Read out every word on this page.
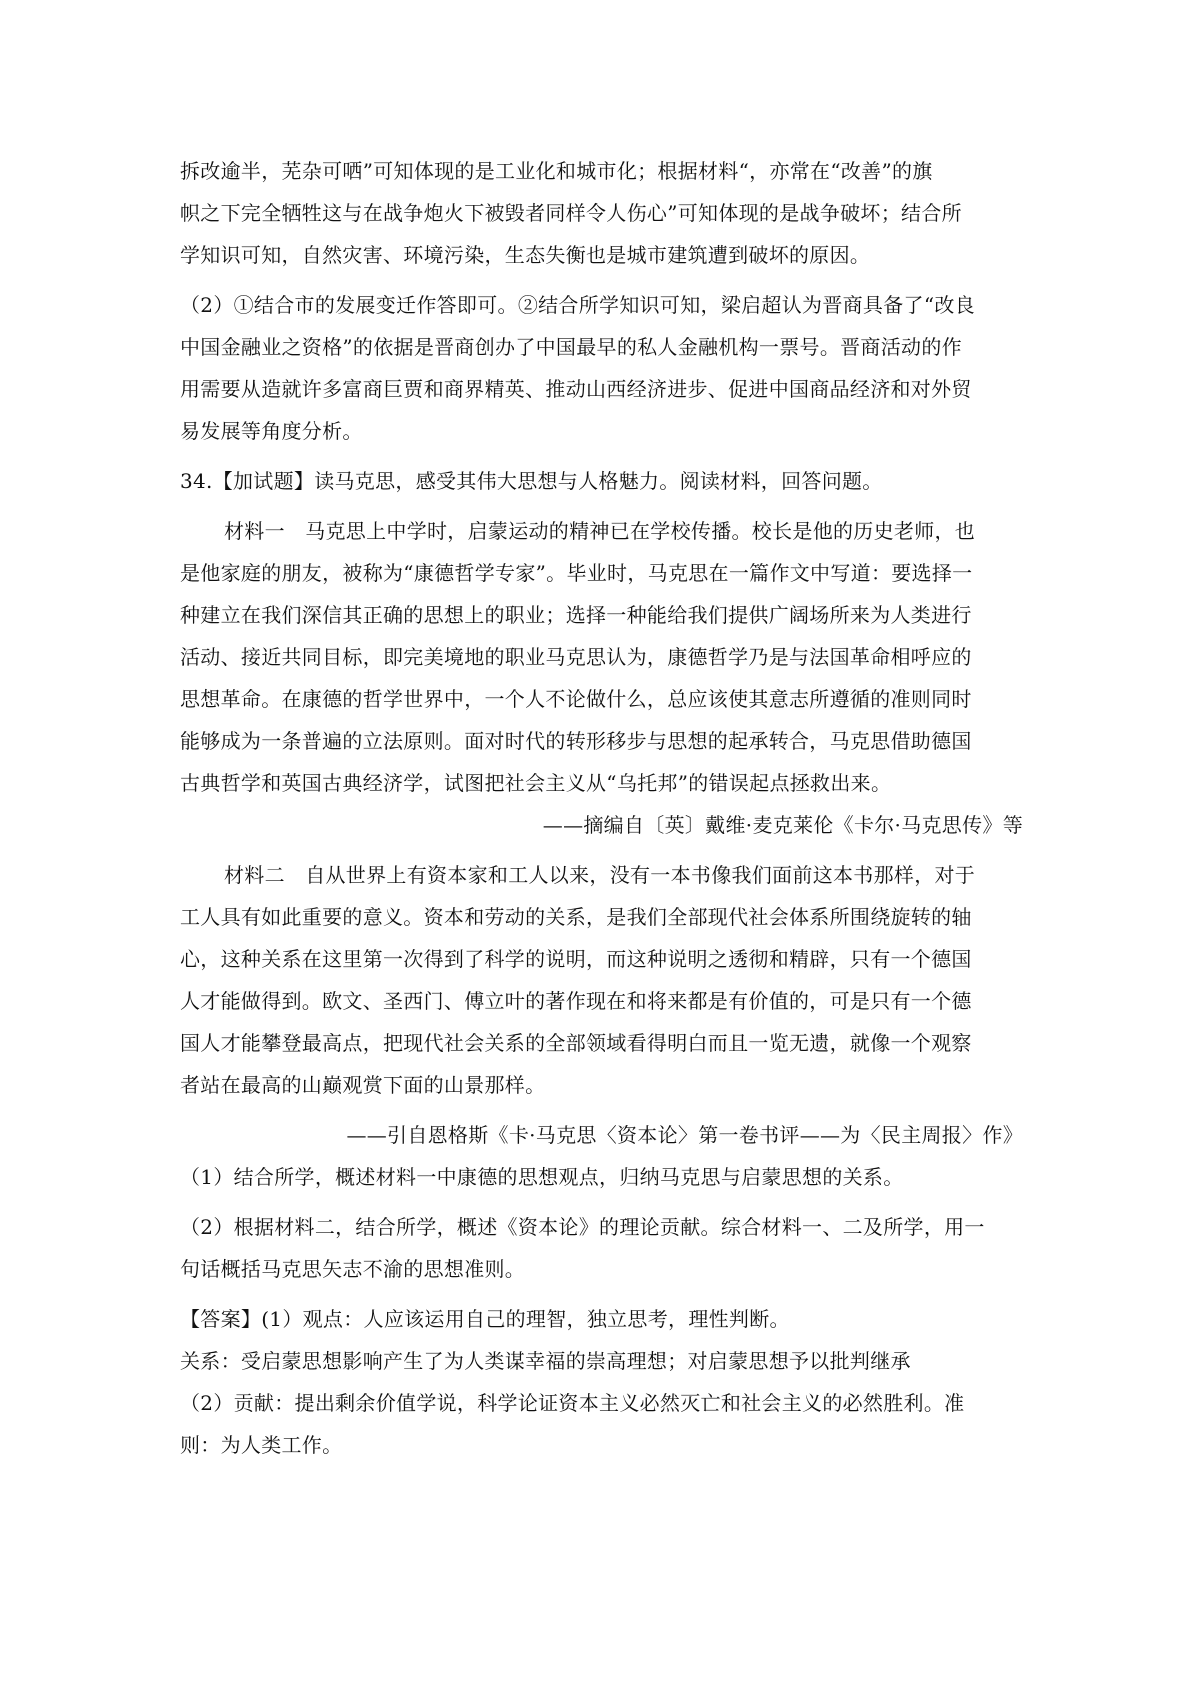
拆改逾半，芜杂可哂”可知体现的是工业化和城市化；根据材料“，亦常在“改善”的旗
帜之下完全牺牲这与在战争炮火下被毁者同样令人伤心”可知体现的是战争破坏；结合所
学知识可知，自然灾害、环境污染，生态失衡也是城市建筑遭到破坏的原因。
（2）①结合市的发展变迁作答即可。②结合所学知识可知，梁启超认为晋商具备了“改良
中国金融业之资格”的依据是晋商创办了中国最早的私人金融机构一票号。晋商活动的作
用需要从造就许多富商巨贾和商界精英、推动山西经济进步、促进中国商品经济和对外贸
易发展等角度分析。
34.【加试题】读马克思，感受其伟大思想与人格魅力。阅读材料，回答问题。
材料一　马克思上中学时，启蒙运动的精神已在学校传播。校长是他的历史老师，也
是他家庭的朋友，被称为“康德哲学专家”。毕业时，马克思在一篇作文中写道：要选择一
种建立在我们深信其正确的思想上的职业；选择一种能给我们提供广阔场所来为人类进行
活动、接近共同目标，即完美境地的职业马克思认为，康德哲学乃是与法国革命相呼应的
思想革命。在康德的哲学世界中，一个人不论做什么，总应该使其意志所遵循的准则同时
能够成为一条普遍的立法原则。面对时代的转形移步与思想的起承转合，马克思借助德国
古典哲学和英国古典经济学，试图把社会主义从“乌托邦”的错误起点拯救出来。
——摘编自〔英〕戴维·麦克莱伦《卡尔·马克思传》等
材料二　自从世界上有资本家和工人以来，没有一本书像我们面前这本书那样，对于
工人具有如此重要的意义。资本和劳动的关系，是我们全部现代社会体系所围绕旋转的轴
心，这种关系在这里第一次得到了科学的说明，而这种说明之透彻和精辟，只有一个德国
人才能做得到。欧文、圣西门、傅立叶的著作现在和将来都是有价值的，可是只有一个德
国人才能攀登最高点，把现代社会关系的全部领域看得明白而且一览无遗，就像一个观察
者站在最高的山巅观赏下面的山景那样。
——引自恩格斯《卡·马克思〈资本论〉第一卷书评——为〈民主周报〉作》
（1）结合所学，概述材料一中康德的思想观点，归纳马克思与启蒙思想的关系。
（2）根据材料二，结合所学，概述《资本论》的理论贡献。综合材料一、二及所学，用一
句话概括马克思矢志不渝的思想准则。
【答案】(1）观点：人应该运用自己的理智，独立思考，理性判断。
关系：受启蒙思想影响产生了为人类谋幸福的崇高理想；对启蒙思想予以批判继承
（2）贡献：提出剩余价值学说，科学论证资本主义必然灭亡和社会主义的必然胜利。准
则：为人类工作。
